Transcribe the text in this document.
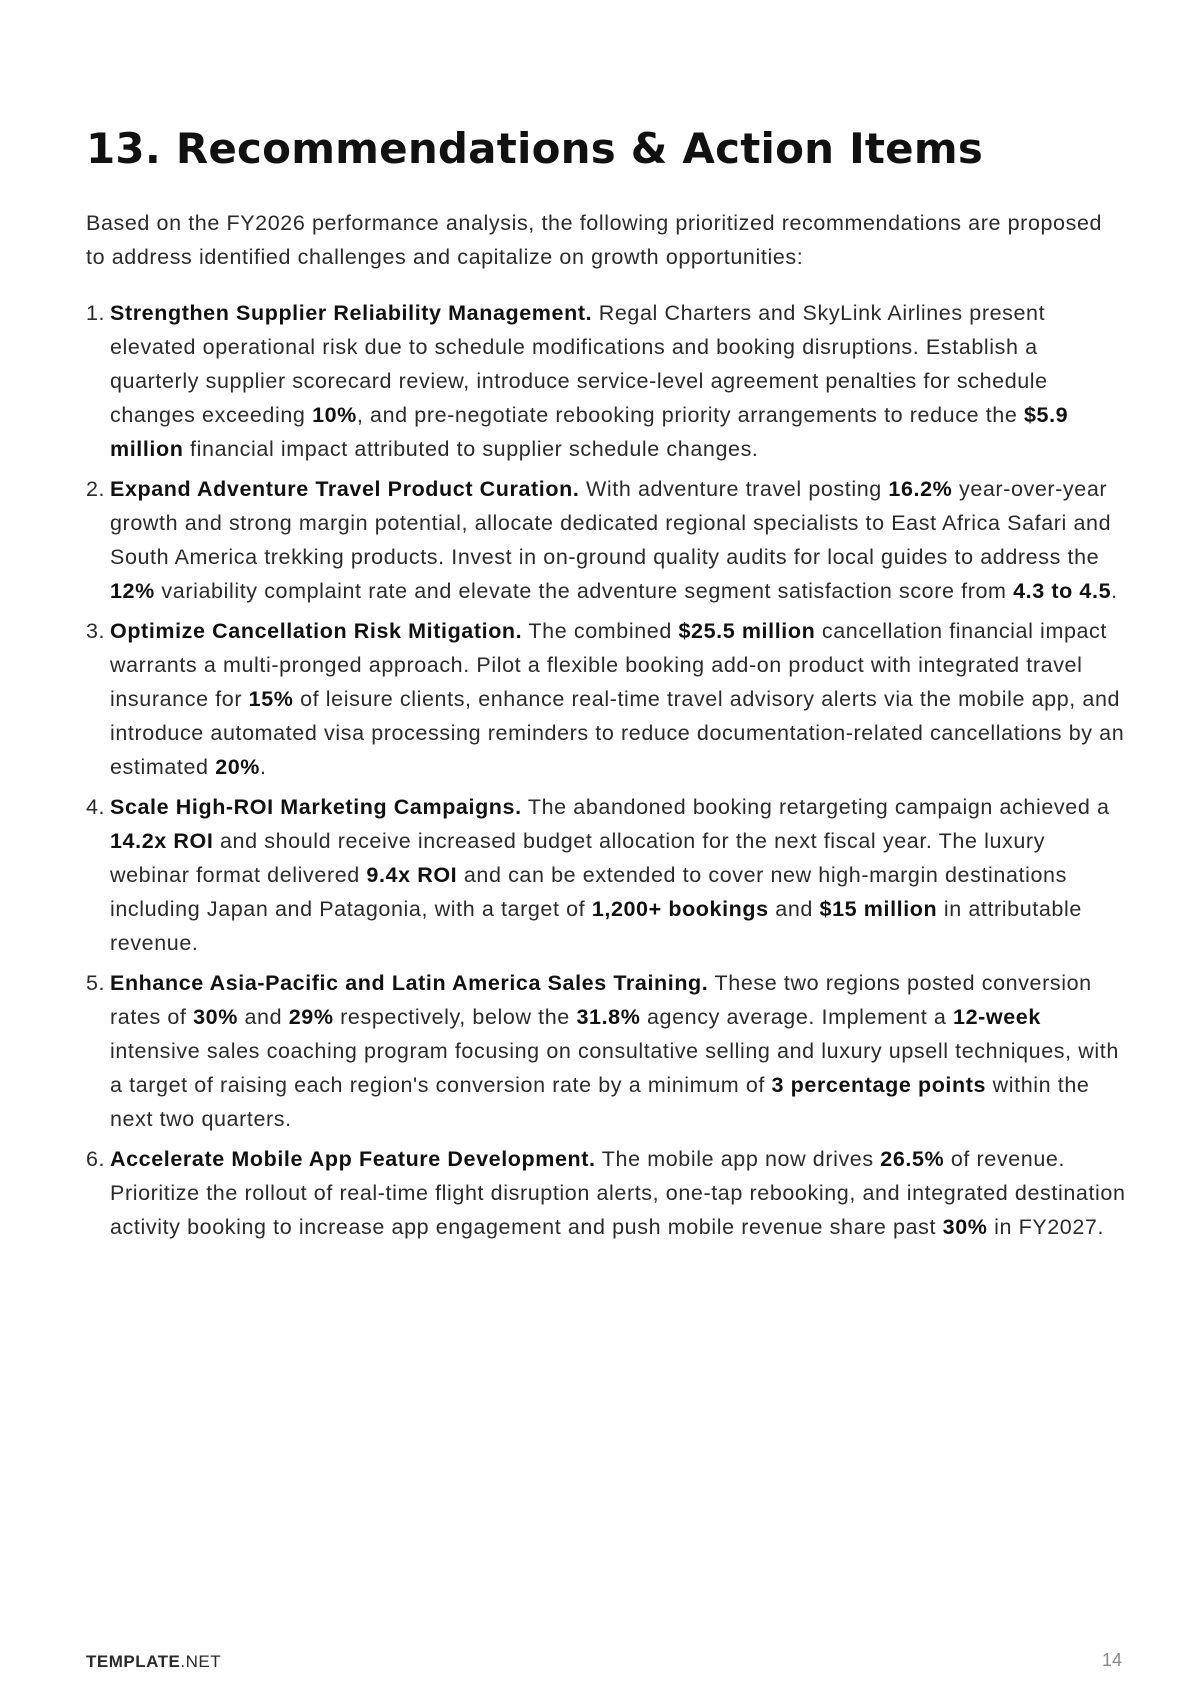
13. Recommendations & Action Items

Based on the FY2026 performance analysis, the following prioritized recommendations are proposed to address identified challenges and capitalize on growth opportunities:

1. Strengthen Supplier Reliability Management. Regal Charters and SkyLink Airlines present elevated operational risk due to schedule modifications and booking disruptions. Establish a quarterly supplier scorecard review, introduce service-level agreement penalties for schedule changes exceeding 10%, and pre-negotiate rebooking priority arrangements to reduce the $5.9 million financial impact attributed to supplier schedule changes.
2. Expand Adventure Travel Product Curation. With adventure travel posting 16.2% year-over-year growth and strong margin potential, allocate dedicated regional specialists to East Africa Safari and South America trekking products. Invest in on-ground quality audits for local guides to address the 12% variability complaint rate and elevate the adventure segment satisfaction score from 4.3 to 4.5.
3. Optimize Cancellation Risk Mitigation. The combined $25.5 million cancellation financial impact warrants a multi-pronged approach. Pilot a flexible booking add-on product with integrated travel insurance for 15% of leisure clients, enhance real-time travel advisory alerts via the mobile app, and introduce automated visa processing reminders to reduce documentation-related cancellations by an estimated 20%.
4. Scale High-ROI Marketing Campaigns. The abandoned booking retargeting campaign achieved a 14.2x ROI and should receive increased budget allocation for the next fiscal year. The luxury webinar format delivered 9.4x ROI and can be extended to cover new high-margin destinations including Japan and Patagonia, with a target of 1,200+ bookings and $15 million in attributable revenue.
5. Enhance Asia-Pacific and Latin America Sales Training. These two regions posted conversion rates of 30% and 29% respectively, below the 31.8% agency average. Implement a 12-week intensive sales coaching program focusing on consultative selling and luxury upsell techniques, with a target of raising each region's conversion rate by a minimum of 3 percentage points within the next two quarters.
6. Accelerate Mobile App Feature Development. The mobile app now drives 26.5% of revenue. Prioritize the rollout of real-time flight disruption alerts, one-tap rebooking, and integrated destination activity booking to increase app engagement and push mobile revenue share past 30% in FY2027.
TEMPLATE.NET	14
